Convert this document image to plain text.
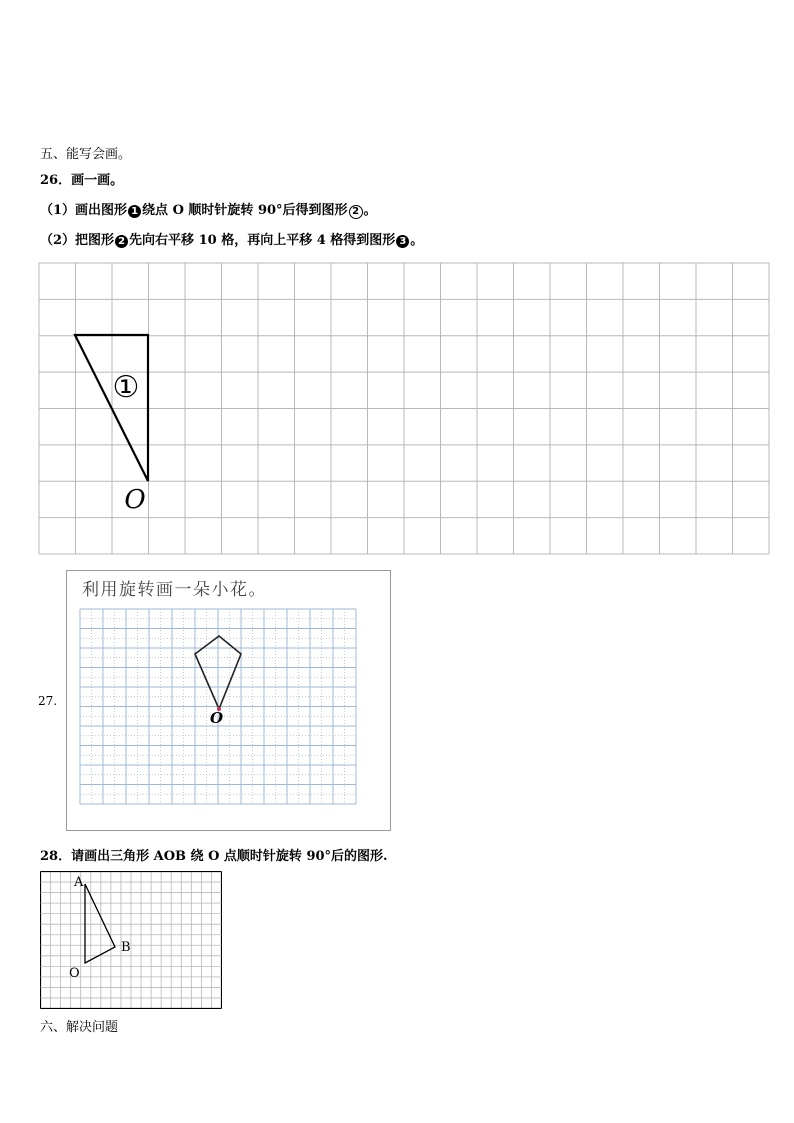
五、能写会画。
26．画一画。
（1）画出图形 1 绕点 O 顺时针旋转 90°后得到图形 2 。
（2）把图形 2 先向右平移 10 格，再向上平移 4 格得到图形 3 。
①
O
27.
利用旋转画一朵小花。
O
28．请画出三角形 AOB 绕 O 点顺时针旋转 90°后的图形.
A
B
O
六、解决问题
